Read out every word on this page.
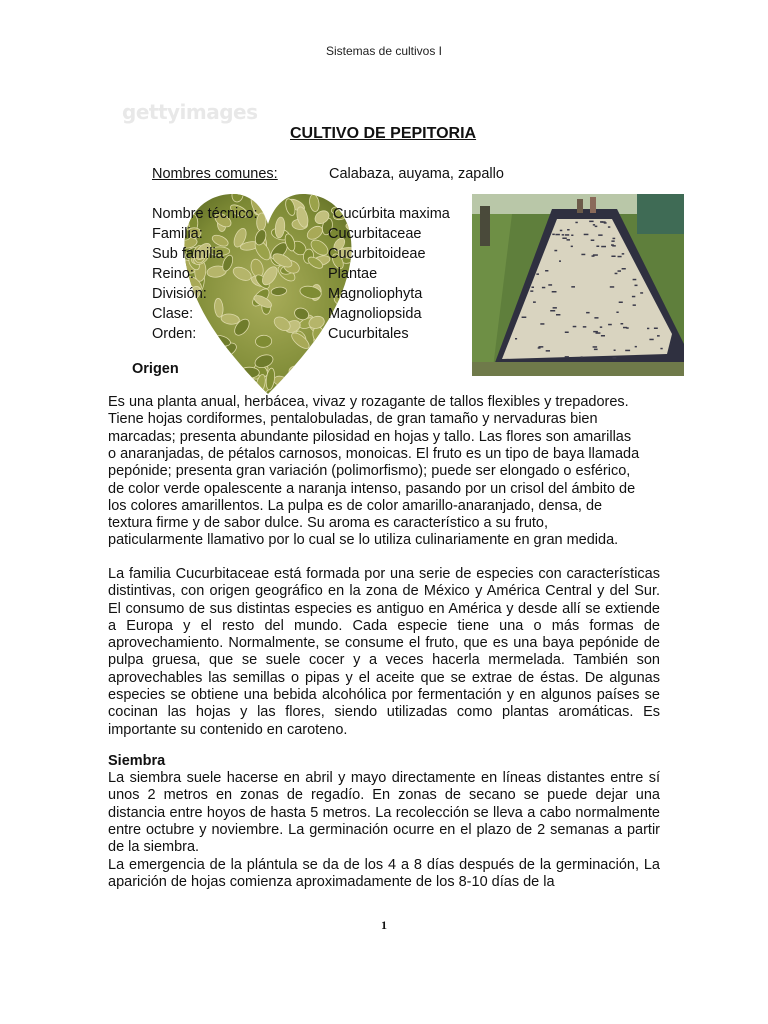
Sistemas de cultivos I
gettyimages
CULTIVO DE PEPITORIA
Nombres comunes:	Calabaza, auyama, zapallo
Nombre técnico:	Cucúrbita maxima
Familia:	Cucurbitaceae
Sub familia	Cucurbitoideae
Reino:	Plantae
División:	Magnoliophyta
Clase:	Magnoliopsida
Orden:	Cucurbitales
Origen

Es una planta anual, herbácea, vivaz y rozagante de tallos flexibles y trepadores.

Tiene hojas cordiformes, pentalobuladas, de gran tamaño y nervaduras bien

marcadas; presenta abundante pilosidad en hojas y tallo. Las flores son amarillas

o anaranjadas, de pétalos carnosos, monoicas. El fruto es un tipo de baya llamada

pepónide; presenta gran variación (polimorfismo); puede ser elongado o esférico,

de color verde opalescente a naranja intenso, pasando por un crisol del ámbito de

los colores amarillentos. La pulpa es de color amarillo-anaranjado, densa, de

textura firme y de sabor dulce. Su aroma es característico a su fruto,

paticularmente llamativo por lo cual se lo utiliza culinariamente en gran medida.

La familia Cucurbitaceae está formada por una serie de especies con características distintivas, con origen geográfico en la zona de México y América Central y del Sur. El consumo de sus distintas especies es antiguo en América y desde allí se extiende a Europa y el resto del mundo. Cada especie tiene una o más formas de aprovechamiento. Normalmente, se consume el fruto, que es una baya pepónide de pulpa gruesa, que se suele cocer y a veces hacerla mermelada. También son aprovechables las semillas o pipas y el aceite que se extrae de éstas. De algunas especies se obtiene una bebida alcohólica por fermentación y en algunos países se cocinan las hojas y las flores, siendo utilizadas como plantas aromáticas. Es importante su contenido en caroteno.

Siembra

La siembra suele hacerse en abril y mayo directamente en líneas distantes entre sí unos 2 metros en zonas de regadío. En zonas de secano se puede dejar una distancia entre hoyos de hasta 5 metros. La recolección se lleva a cabo normalmente entre octubre y noviembre. La germinación ocurre en el plazo de 2 semanas a partir de la siembra.

La emergencia de la plántula se da de los 4 a 8 días después de la germinación, La aparición de hojas comienza aproximadamente de los 8-10 días de la

1
